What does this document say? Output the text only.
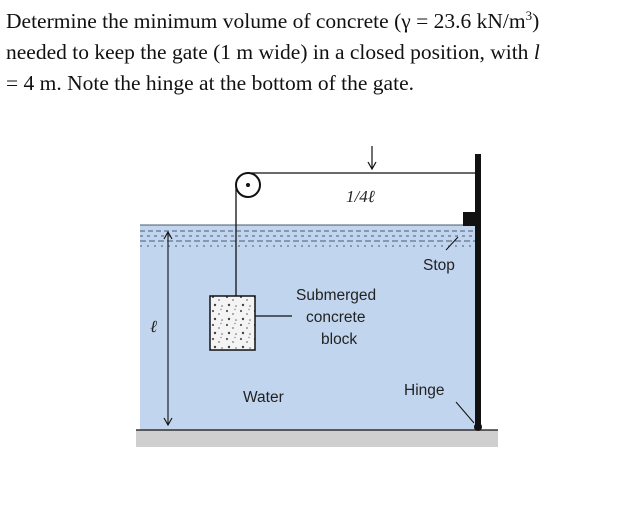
Determine the minimum volume of concrete (γ = 23.6 $kN/m^3$)

needed to keep the gate (1 m wide) in a closed position, with l

= 4 m. Note the hinge at the bottom of the gate.

1/4ℓ
Stop
Submerged
concrete
block
ℓ
Water	Hinge
